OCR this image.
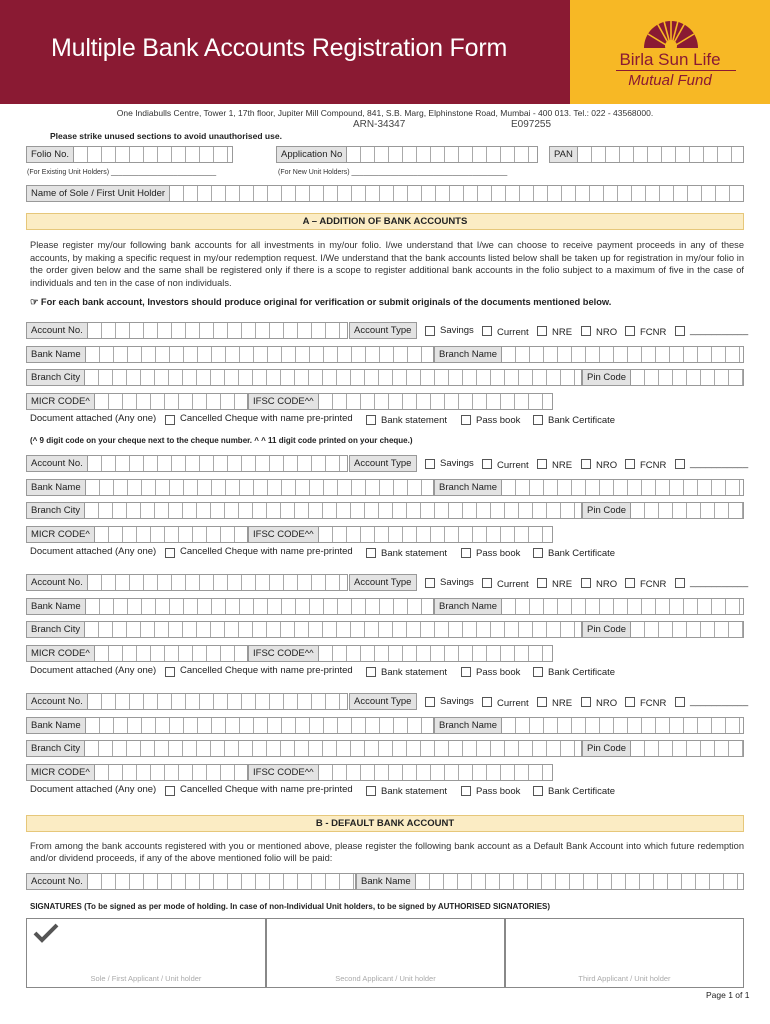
Multiple Bank Accounts Registration Form	Birla Sun Life
Mutual Fund
One Indiabulls Centre, Tower 1, 17th floor, Jupiter Mill Compound, 841, S.B. Marg, Elphinstone Road, Mumbai - 400 013. Tel.: 022 - 43568000.
ARN-34347	E097255
Please strike unused sections to avoid unauthorised use.
Folio No.	Application No	PAN
(For Existing Unit Holders) ___________________________	(For New Unit Holders) ________________________________________
Name of Sole / First Unit Holder
A – ADDITION OF BANK ACCOUNTS
Please register my/our following bank accounts for all investments in my/our folio. I/we understand that I/we can choose to receive payment proceeds in any of these accounts, by making a specific request in my/our redemption request. I/We understand that the bank accounts listed below shall be taken up for registration in my/our folio in the order given below and the same shall be registered only if there is a scope to register additional bank accounts in the folio subject to a maximum of five in the case of individuals and ten in the case of non individuals.
☞ For each bank account, Investors should produce original for verification or submit originals of the documents mentioned below.
Account No.	Account Type	Savings Current NRE	NRO FCNR ___________
Bank Name	Branch Name
Branch City	Pin Code
MICR CODE^	IFSC CODE^^
Document attached (Any one)	Cancelled Cheque with name pre-printed	Bank statement	Pass book	Bank Certificate
Account No.	Account Type	Savings Current NRE	NRO FCNR ___________
Bank Name	Branch Name
Branch City	Pin Code
MICR CODE^	IFSC CODE^^
Document attached (Any one)	Cancelled Cheque with name pre-printed	Bank statement	Pass book	Bank Certificate
Account No.	Account Type	Savings Current NRE	NRO FCNR ___________
Bank Name	Branch Name
Branch City	Pin Code
MICR CODE^	IFSC CODE^^
Document attached (Any one)	Cancelled Cheque with name pre-printed	Bank statement	Pass book	Bank Certificate
Account No.	Account Type	Savings Current NRE	NRO FCNR ___________
Bank Name	Branch Name
Branch City	Pin Code
MICR CODE^	IFSC CODE^^
Document attached (Any one)	Cancelled Cheque with name pre-printed	Bank statement	Pass book	Bank Certificate
(^ 9 digit code on your cheque next to the cheque number. ^ ^ 11 digit code printed on your cheque.)
B - DEFAULT BANK ACCOUNT
From among the bank accounts registered with you or mentioned above, please register the following bank account as a Default Bank Account into which future redemption and/or dividend proceeds, if any of the above mentioned folio will be paid:
Account No.	Bank Name
SIGNATURES (To be signed as per mode of holding. In case of non-Individual Unit holders, to be signed by AUTHORISED SIGNATORIES)
Sole / First Applicant / Unit holder	Second Applicant / Unit holder	Third Applicant / Unit holder
Page 1 of 1
